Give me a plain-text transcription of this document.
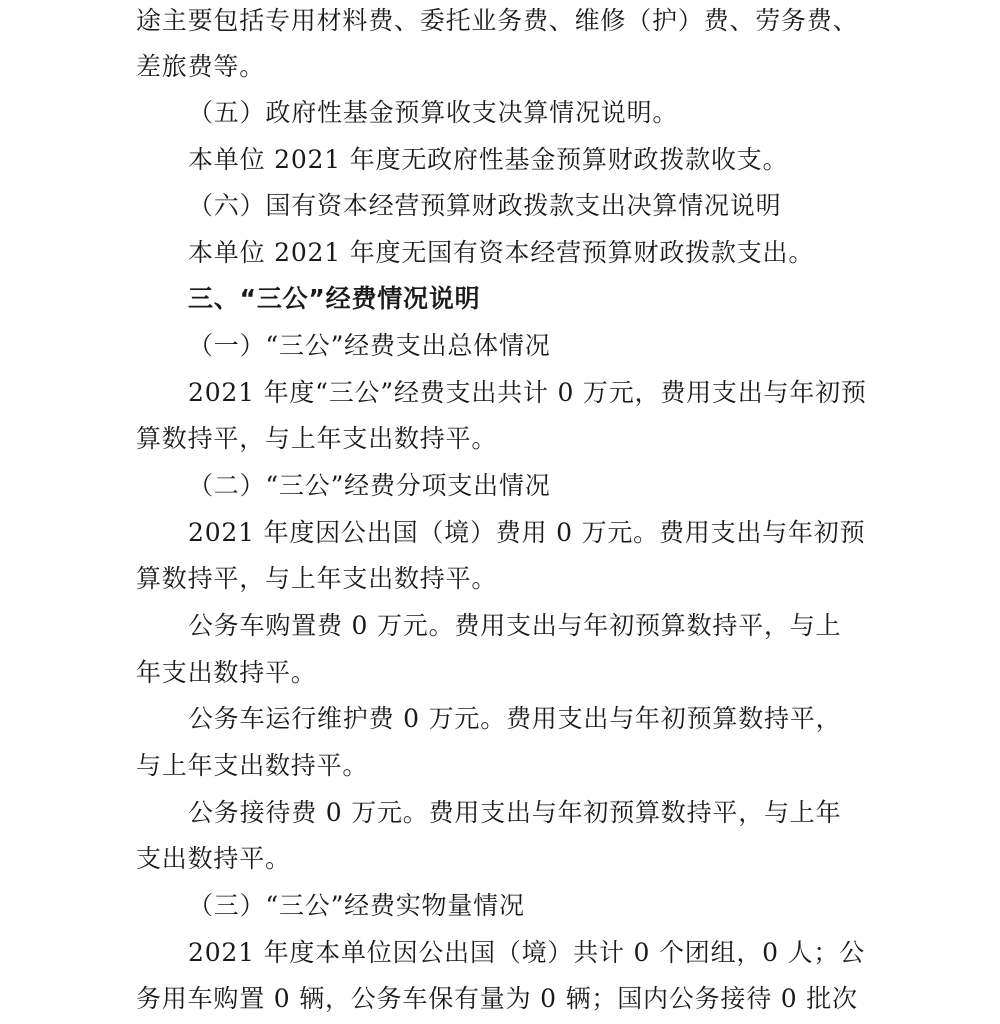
途主要包括专用材料费、委托业务费、维修（护）费、劳务费、
差旅费等。
（五）政府性基金预算收支决算情况说明。
本单位 2021 年度无政府性基金预算财政拨款收支。
（六）国有资本经营预算财政拨款支出决算情况说明
本单位 2021 年度无国有资本经营预算财政拨款支出。
三、“三公”经费情况说明
（一）“三公”经费支出总体情况
2021 年度“三公”经费支出共计 0 万元，费用支出与年初预
算数持平，与上年支出数持平。
（二）“三公”经费分项支出情况
2021 年度因公出国（境）费用 0 万元。费用支出与年初预
算数持平，与上年支出数持平。
公务车购置费 0 万元。费用支出与年初预算数持平，与上
年支出数持平。
公务车运行维护费 0 万元。费用支出与年初预算数持平，
与上年支出数持平。
公务接待费 0 万元。费用支出与年初预算数持平，与上年
支出数持平。
（三）“三公”经费实物量情况
2021 年度本单位因公出国（境）共计 0 个团组，0 人；公
务用车购置 0 辆，公务车保有量为 0 辆；国内公务接待 0 批次
